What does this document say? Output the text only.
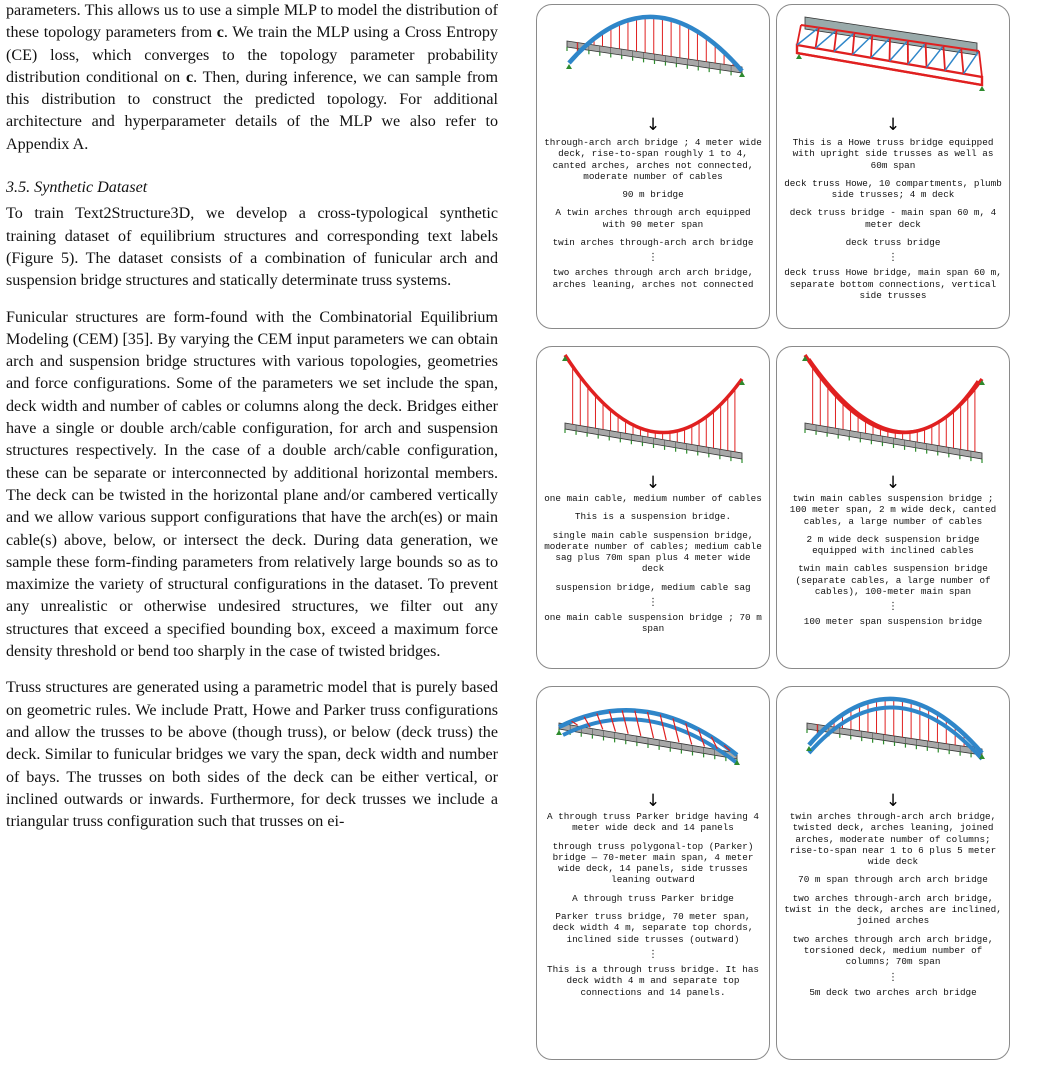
parameters. This allows us to use a simple MLP to model the distribution of these topology parameters from c. We train the MLP using a Cross Entropy (CE) loss, which converges to the topology parameter probability distribution conditional on c. Then, during inference, we can sample from this distribution to construct the predicted topology. For additional architecture and hyperparameter details of the MLP we also refer to Appendix A.

3.5. Synthetic Dataset

To train Text2Structure3D, we develop a cross-typological synthetic training dataset of equilibrium structures and corresponding text labels (Figure 5). The dataset consists of a combination of funicular arch and suspension bridge structures and statically determinate truss systems.

Funicular structures are form-found with the Combinatorial Equilibrium Modeling (CEM) [35]. By varying the CEM input parameters we can obtain arch and suspension bridge structures with various topologies, geometries and force configurations. Some of the parameters we set include the span, deck width and number of cables or columns along the deck. Bridges either have a single or double arch/cable configuration, for arch and suspension structures respectively. In the case of a double arch/cable configuration, these can be separate or interconnected by additional horizontal members. The deck can be twisted in the horizontal plane and/or cambered vertically and we allow various support configurations that have the arch(es) or main cable(s) above, below, or intersect the deck. During data generation, we sample these form-finding parameters from relatively large bounds so as to maximize the variety of structural configurations in the dataset. To prevent any unrealistic or otherwise undesired structures, we filter out any structures that exceed a specified bounding box, exceed a maximum force density threshold or bend too sharply in the case of twisted bridges.

Truss structures are generated using a parametric model that is purely based on geometric rules. We include Pratt, Howe and Parker truss configurations and allow the trusses to be above (though truss), or below (deck truss) the deck. Similar to funicular bridges we vary the span, deck width and number of bays. The trusses on both sides of the deck can be either vertical, or inclined outwards or inwards. Furthermore, for deck trusses we include a triangular truss configuration such that trusses on ei-

↓

through-arch arch bridge ; 4 meter wide deck, rise-to-span roughly 1 to 4, canted arches, arches not connected, moderate number of cables

90 m bridge

A twin arches through arch equipped with 90 meter span

twin arches through-arch arch bridge

⋮

two arches through arch arch bridge, arches leaning, arches not connected

↓

This is a Howe truss bridge equipped with upright side trusses as well as 60m span

deck truss Howe, 10 compartments, plumb side trusses; 4 m deck

deck truss bridge - main span 60 m, 4 meter deck

deck truss bridge

⋮

deck truss Howe bridge, main span 60 m, separate bottom connections, vertical side trusses

↓

one main cable, medium number of cables

This is a suspension bridge.

single main cable suspension bridge, moderate number of cables; medium cable sag plus 70m span plus 4 meter wide deck

suspension bridge, medium cable sag

⋮

one main cable suspension bridge ; 70 m span

↓

twin main cables suspension bridge ; 100 meter span, 2 m wide deck, canted cables, a large number of cables

2 m wide deck suspension bridge equipped with inclined cables

twin main cables suspension bridge (separate cables, a large number of cables), 100-meter main span

⋮

100 meter span suspension bridge

↓

A through truss Parker bridge having 4 meter wide deck and 14 panels

through truss polygonal-top (Parker) bridge — 70-meter main span, 4 meter wide deck, 14 panels, side trusses leaning outward

A through truss Parker bridge

Parker truss bridge, 70 meter span, deck width 4 m, separate top chords, inclined side trusses (outward)

⋮

This is a through truss bridge. It has deck width 4 m and separate top connections and 14 panels.

↓

twin arches through-arch arch bridge, twisted deck, arches leaning, joined arches, moderate number of columns; rise-to-span near 1 to 6 plus 5 meter wide deck

70 m span through arch arch bridge

two arches through-arch arch bridge, twist in the deck, arches are inclined, joined arches

two arches through arch arch bridge, torsioned deck, medium number of columns; 70m span

⋮

5m deck two arches arch bridge
